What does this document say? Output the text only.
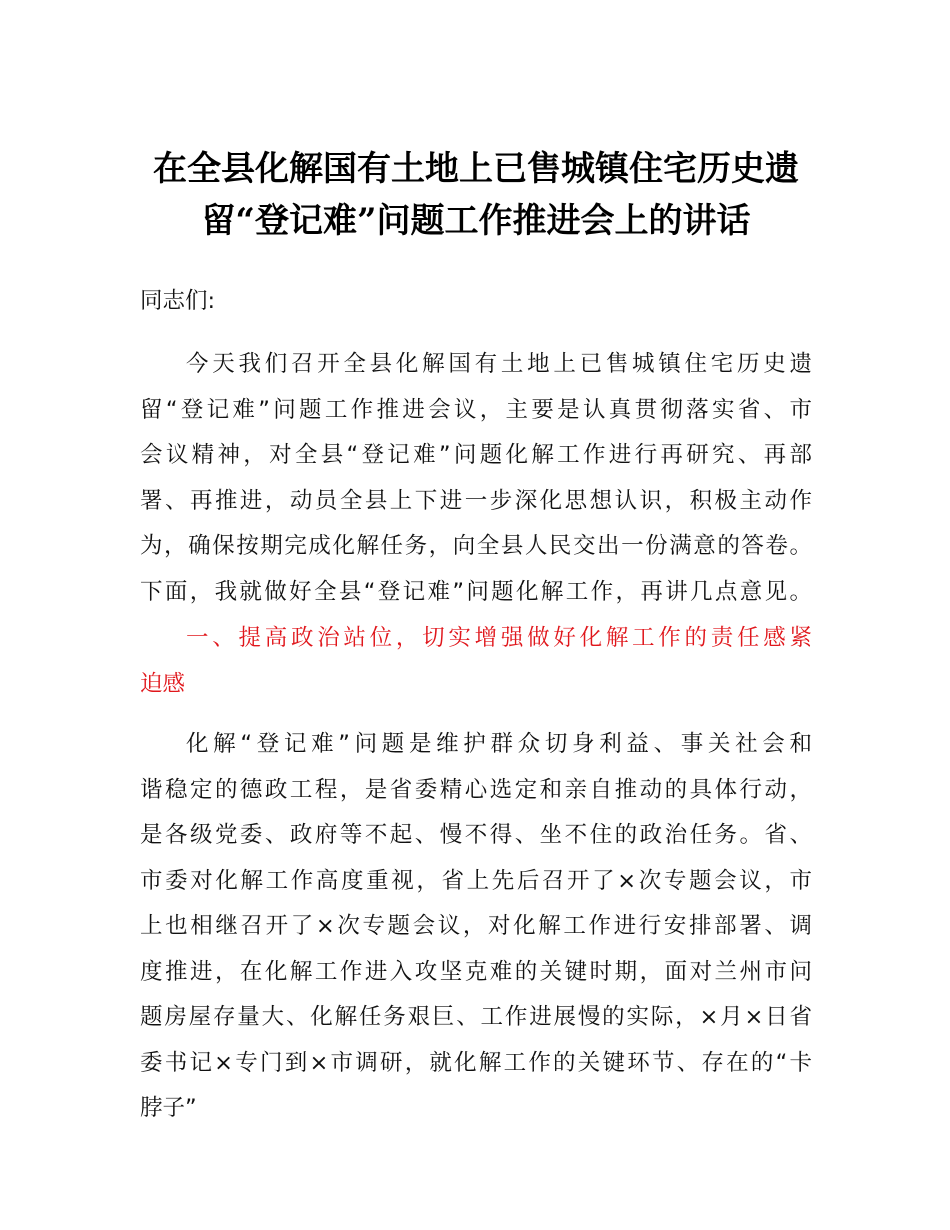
在全县化解国有土地上已售城镇住宅历史遗
留“登记难”问题工作推进会上的讲话
同志们:
今天我们召开全县化解国有土地上已售城镇住宅历史遗
留“登记难”问题工作推进会议，主要是认真贯彻落实省、市
会议精神，对全县“登记难”问题化解工作进行再研究、再部
署、再推进，动员全县上下进一步深化思想认识，积极主动作
为，确保按期完成化解任务，向全县人民交出一份满意的答卷。
下面，我就做好全县“登记难”问题化解工作，再讲几点意见。
一、提高政治站位，切实增强做好化解工作的责任感紧
迫感
化解“登记难”问题是维护群众切身利益、事关社会和
谐稳定的德政工程，是省委精心选定和亲自推动的具体行动，
是各级党委、政府等不起、慢不得、坐不住的政治任务。省、
市委对化解工作高度重视，省上先后召开了×次专题会议，市
上也相继召开了×次专题会议，对化解工作进行安排部署、调
度推进，在化解工作进入攻坚克难的关键时期，面对兰州市问
题房屋存量大、化解任务艰巨、工作进展慢的实际，×月×日省
委书记×专门到×市调研，就化解工作的关键环节、存在的“卡
脖子”
